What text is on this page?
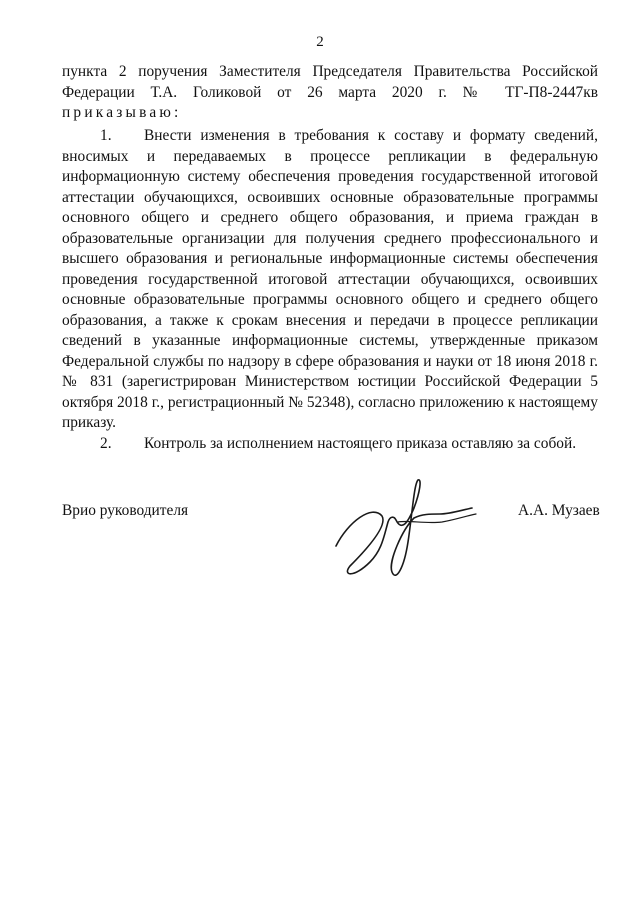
2
пункта 2 поручения Заместителя Председателя Правительства Российской Федерации Т.А. Голиковой от 26 марта 2020 г. № ТГ-П8-2447кв приказываю:

1. Внести изменения в требования к составу и формату сведений, вносимых и передаваемых в процессе репликации в федеральную информационную систему обеспечения проведения государственной итоговой аттестации обучающихся, освоивших основные образовательные программы основного общего и среднего общего образования, и приема граждан в образовательные организации для получения среднего профессионального и высшего образования и региональные информационные системы обеспечения проведения государственной итоговой аттестации обучающихся, освоивших основные образовательные программы основного общего и среднего общего образования, а также к срокам внесения и передачи в процессе репликации сведений в указанные информационные системы, утвержденные приказом Федеральной службы по надзору в сфере образования и науки от 18 июня 2018 г. № 831 (зарегистрирован Министерством юстиции Российской Федерации 5 октября 2018 г., регистрационный № 52348), согласно приложению к настоящему приказу.

2. Контроль за исполнением настоящего приказа оставляю за собой.

Врио руководителя	А.А. Музаев
